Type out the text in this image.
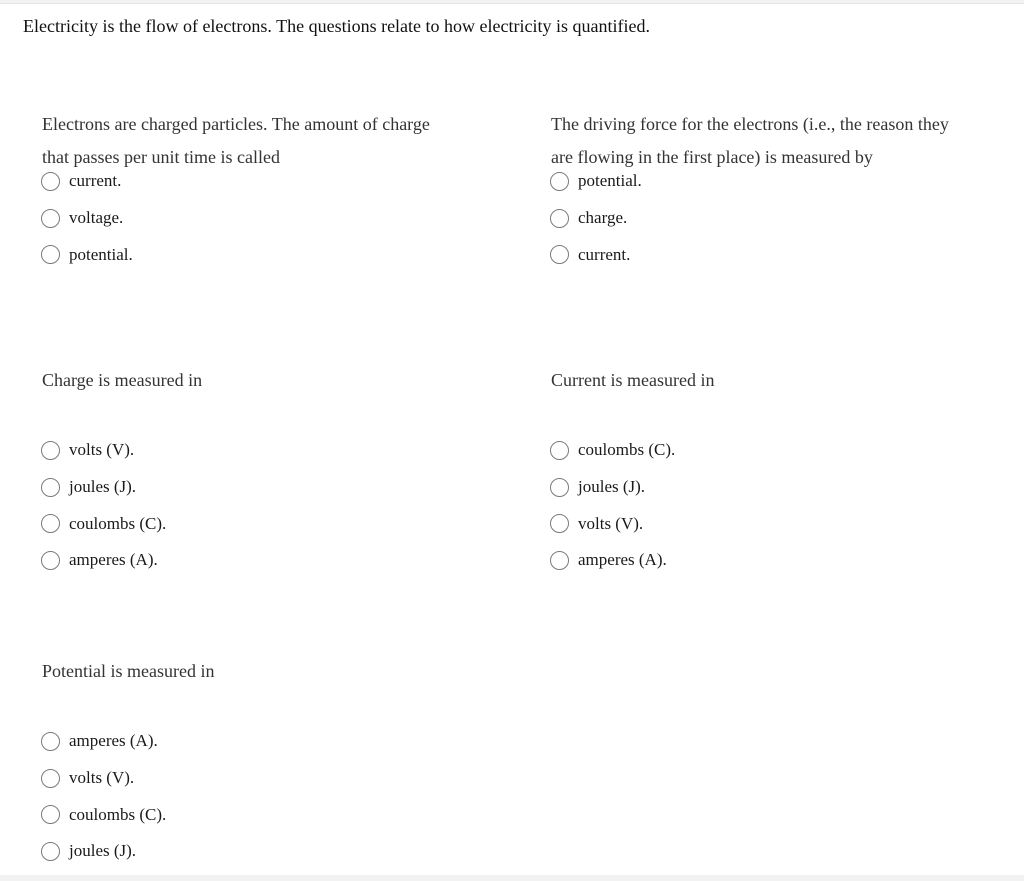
Electricity is the flow of electrons. The questions relate to how electricity is quantified.
Electrons are charged particles. The amount of charge
that passes per unit time is called
current.
voltage.
potential.
The driving force for the electrons (i.e., the reason they
are flowing in the first place) is measured by
potential.
charge.
current.
Charge is measured in
volts (V).
joules (J).
coulombs (C).
amperes (A).
Current is measured in
coulombs (C).
joules (J).
volts (V).
amperes (A).
Potential is measured in
amperes (A).
volts (V).
coulombs (C).
joules (J).
